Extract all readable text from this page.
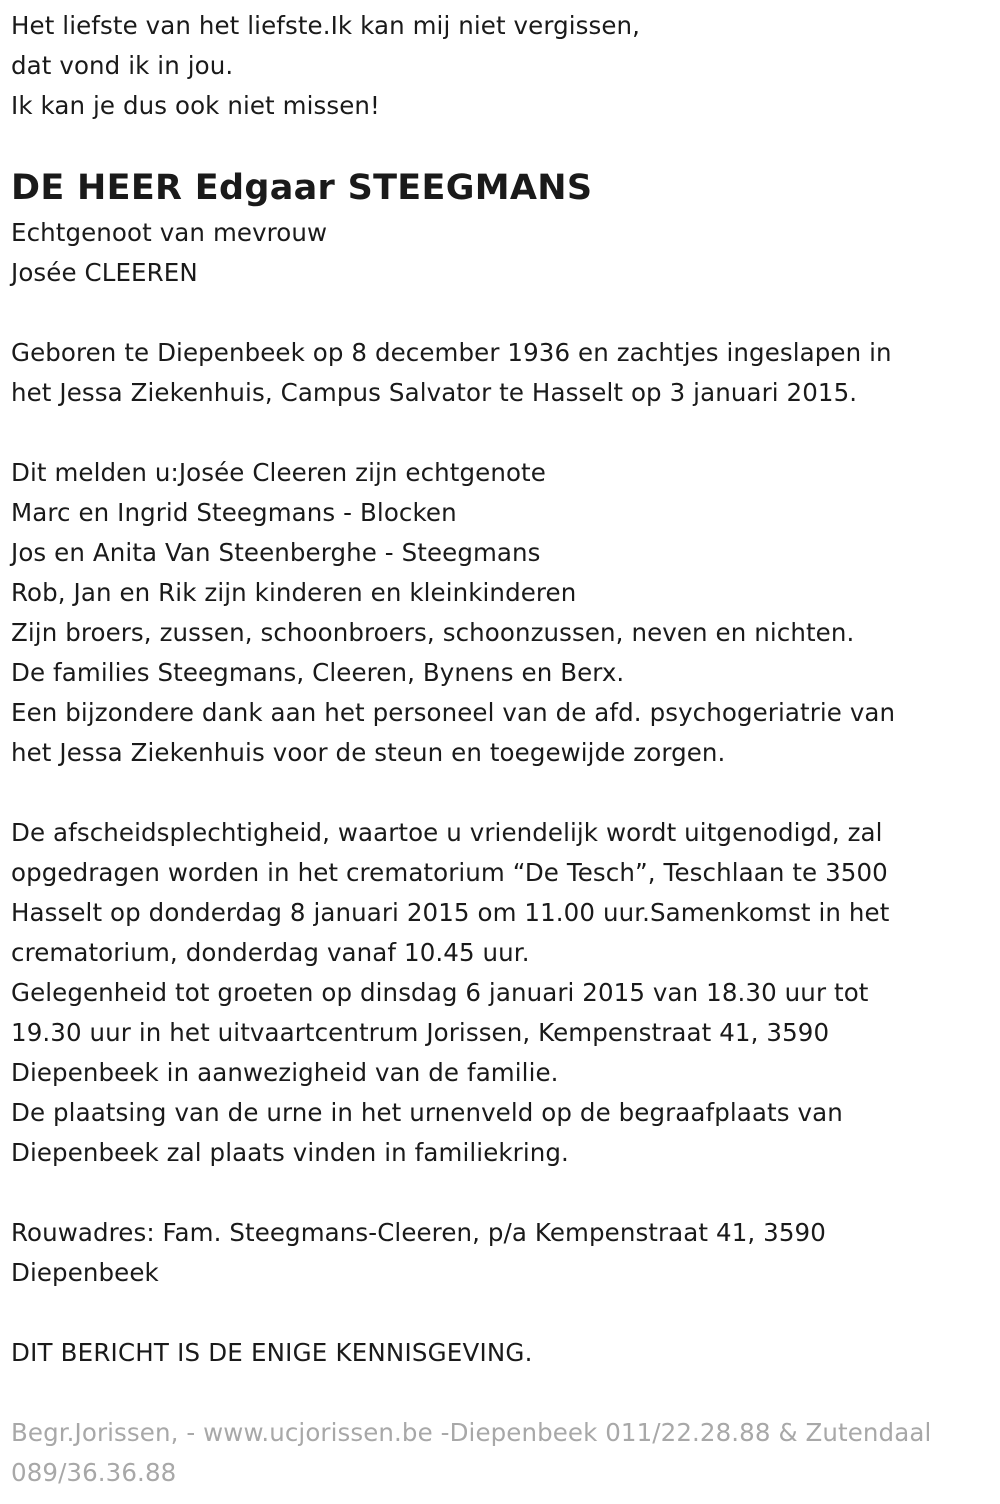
Het liefste van het liefste.Ik kan mij niet vergissen,
dat vond ik in jou.
Ik kan je dus ook niet missen!
DE HEER Edgaar STEEGMANS
Echtgenoot van mevrouw
Josée CLEEREN
Geboren te Diepenbeek op 8 december 1936 en zachtjes ingeslapen in
het Jessa Ziekenhuis, Campus Salvator te Hasselt op 3 januari 2015.
Dit melden u:Josée Cleeren zijn echtgenote
Marc en Ingrid Steegmans - Blocken
Jos en Anita Van Steenberghe - Steegmans
Rob, Jan en Rik zijn kinderen en kleinkinderen
Zijn broers, zussen, schoonbroers, schoonzussen, neven en nichten.
De families Steegmans, Cleeren, Bynens en Berx.
Een bijzondere dank aan het personeel van de afd. psychogeriatrie van
het Jessa Ziekenhuis voor de steun en toegewijde zorgen.
De afscheidsplechtigheid, waartoe u vriendelijk wordt uitgenodigd, zal
opgedragen worden in het crematorium “De Tesch”, Teschlaan te 3500
Hasselt op donderdag 8 januari 2015 om 11.00 uur.Samenkomst in het
crematorium, donderdag vanaf 10.45 uur.
Gelegenheid tot groeten op dinsdag 6 januari 2015 van 18.30 uur tot
19.30 uur in het uitvaartcentrum Jorissen, Kempenstraat 41, 3590
Diepenbeek in aanwezigheid van de familie.
De plaatsing van de urne in het urnenveld op de begraafplaats van
Diepenbeek zal plaats vinden in familiekring.
Rouwadres: Fam. Steegmans-Cleeren, p/a Kempenstraat 41, 3590
Diepenbeek
DIT BERICHT IS DE ENIGE KENNISGEVING.
Begr.Jorissen, - www.ucjorissen.be -Diepenbeek 011/22.28.88 & Zutendaal
089/36.36.88
